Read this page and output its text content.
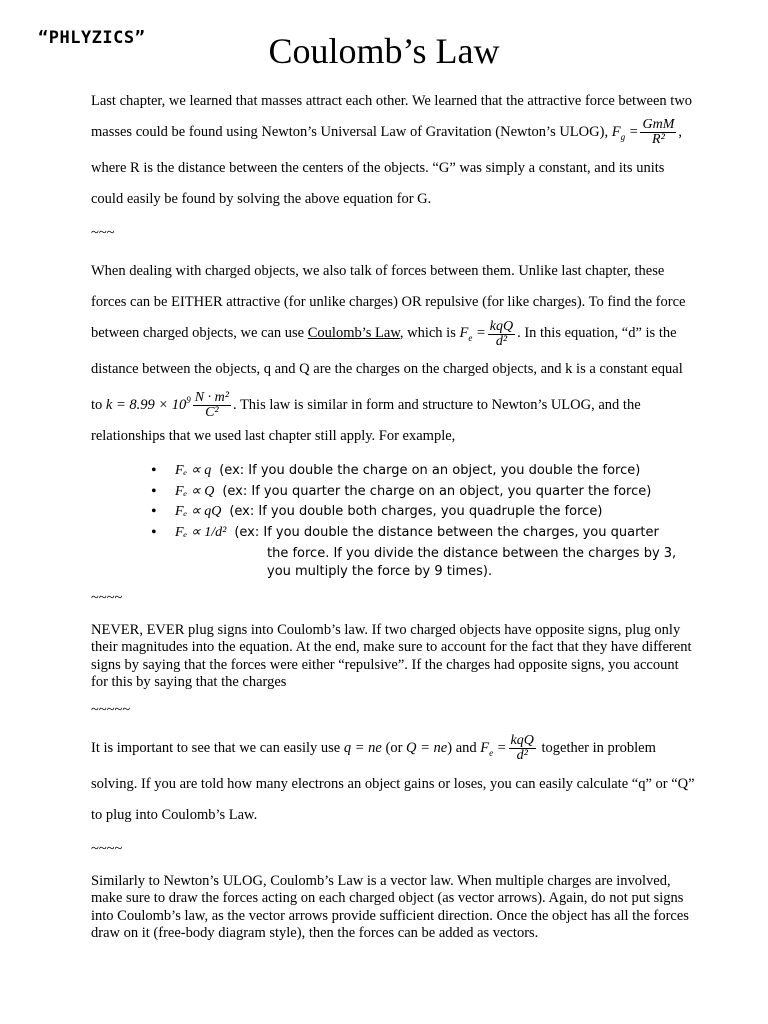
“PHLYZICS”	Coulomb’s Law

Last chapter, we learned that masses attract each other. We learned that the attractive force between two masses could be found using Newton’s Universal Law of Gravitation (Newton’s ULOG), $F_g = \frac{\text{GmM}}{\text{R²}}$ , where R is the distance between the centers of the objects. “G” was simply a constant, and its units could easily be found by solving the above equation for G.

~~~

When dealing with charged objects, we also talk of forces between them. Unlike last chapter, these forces can be EITHER attractive (for unlike charges) OR repulsive (for like charges). To find the force between charged objects, we can use Coulomb’s Law, which is $F_e = \frac{\text{kqQ}}{\text{d²}}$ . In this equation, “d” is the distance between the objects, q and Q are the charges on the charged objects, and k is a constant equal to $k = 8.99 \times 10^9 \frac{\text{N · m²}}{\text{C²}}$ . This law is similar in form and structure to Newton’s ULOG, and the relationships that we used last chapter still apply. For example,

• Fₑ ∝ q (ex: If you double the charge on an object, you double the force)
• Fₑ ∝ Q (ex: If you quarter the charge on an object, you quarter the force)
• Fₑ ∝ qQ (ex: If you double both charges, you quadruple the force)
• Fₑ ∝ 1/d² (ex: If you double the distance between the charges, you quarter
the force. If you divide the distance between the charges by 3, you multiply the force by 9 times).

~~~~

NEVER, EVER plug signs into Coulomb’s law. If two charged objects have opposite signs, plug only their magnitudes into the equation. At the end, make sure to account for the fact that they have different signs by saying that the forces were either “repulsive”. If the charges had opposite signs, you account for this by saying that the charges

~~~~~

It is important to see that we can easily use q = ne (or Q = ne) and $F_e = \frac{\text{kqQ}}{\text{d²}}$ together in problem solving. If you are told how many electrons an object gains or loses, you can easily calculate “q” or “Q” to plug into Coulomb’s Law.

~~~~

Similarly to Newton’s ULOG, Coulomb’s Law is a vector law. When multiple charges are involved, make sure to draw the forces acting on each charged object (as vector arrows). Again, do not put signs into Coulomb’s law, as the vector arrows provide sufficient direction. Once the object has all the forces draw on it (free-body diagram style), then the forces can be added as vectors.
